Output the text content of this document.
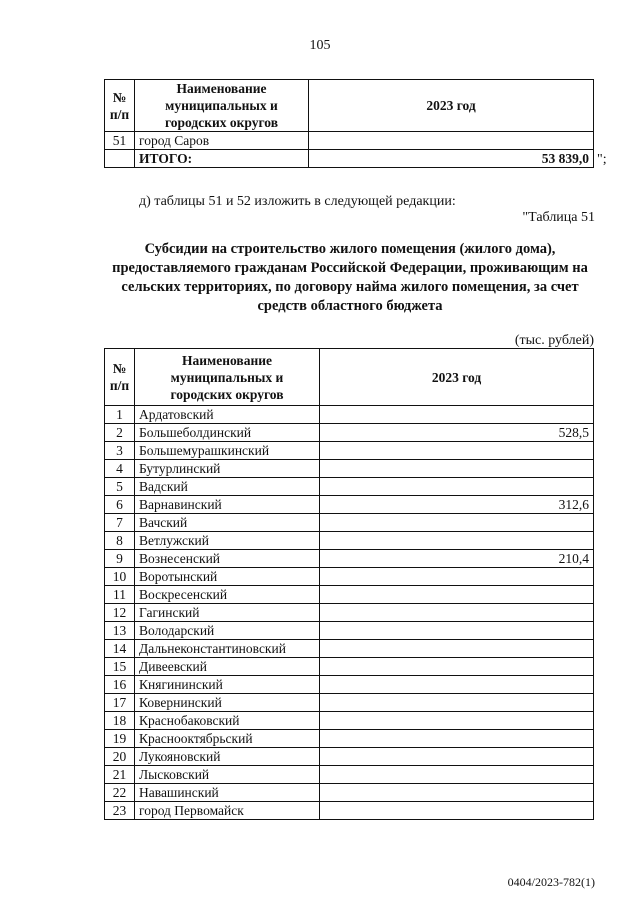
105
№ п/п	Наименование муниципальных и городских округов	2023 год
51	город Саров	
	ИТОГО:	53 839,0 ";
д) таблицы 51 и 52 изложить в следующей редакции:
"Таблица 51
Субсидии на строительство жилого помещения (жилого дома), предоставляемого гражданам Российской Федерации, проживающим на сельских территориях, по договору найма жилого помещения, за счет средств областного бюджета
(тыс. рублей)
№ п/п	Наименование муниципальных и городских округов	2023 год
1	Ардатовский	
2	Большеболдинский	528,5
3	Большемурашкинский	
4	Бутурлинский	
5	Вадский	
6	Варнавинский	312,6
7	Вачский	
8	Ветлужский	
9	Вознесенский	210,4
10	Воротынский	
11	Воскресенский	
12	Гагинский	
13	Володарский	
14	Дальнеконстантиновский	
15	Дивеевский	
16	Княгининский	
17	Ковернинский	
18	Краснобаковский	
19	Краснооктябрьский	
20	Лукояновский	
21	Лысковский	
22	Навашинский	
23	город Первомайск	
0404/2023-782(1)
